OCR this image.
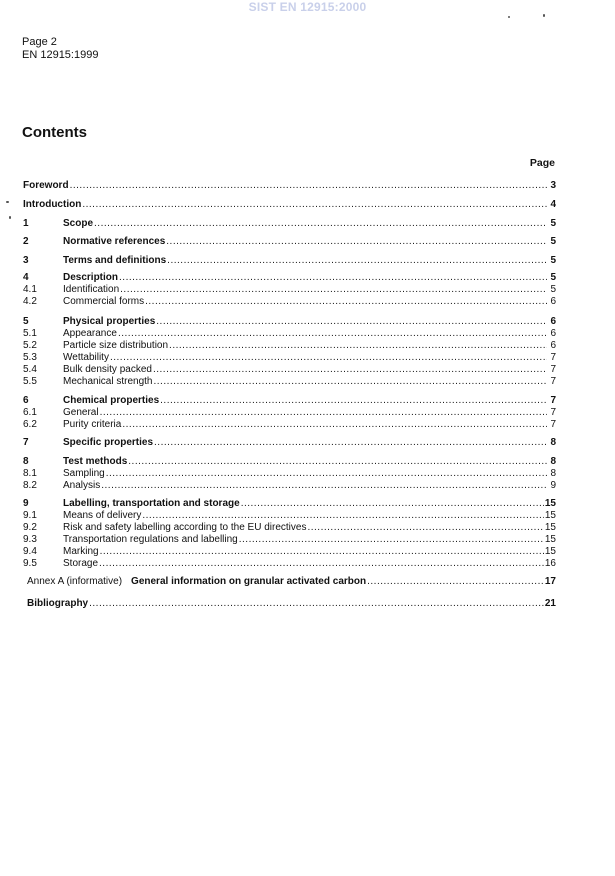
SIST EN 12915:2000
Page 2
EN 12915:1999
Contents
Page
Foreword .....	3
Introduction .....	4
1	Scope .....	5
2	Normative references .....	5
3	Terms and definitions .....	5
4	Description .....	5
4.1	Identification .....	5
4.2	Commercial forms .....	6
5	Physical properties .....	6
5.1	Appearance .....	6
5.2	Particle size distribution .....	6
5.3	Wettability .....	7
5.4	Bulk density packed .....	7
5.5	Mechanical strength .....	7
6	Chemical properties .....	7
6.1	General .....	7
6.2	Purity criteria .....	7
7	Specific properties .....	8
8	Test methods .....	8
8.1	Sampling .....	8
8.2	Analysis .....	9
9	Labelling, transportation and storage .....	15
9.1	Means of delivery .....	15
9.2	Risk and safety labelling according to the EU directives .....	15
9.3	Transportation regulations and labelling .....	15
9.4	Marking .....	15
9.5	Storage .....	16
Annex A (informative) General information on granular activated carbon .....	17
Bibliography .....	21
